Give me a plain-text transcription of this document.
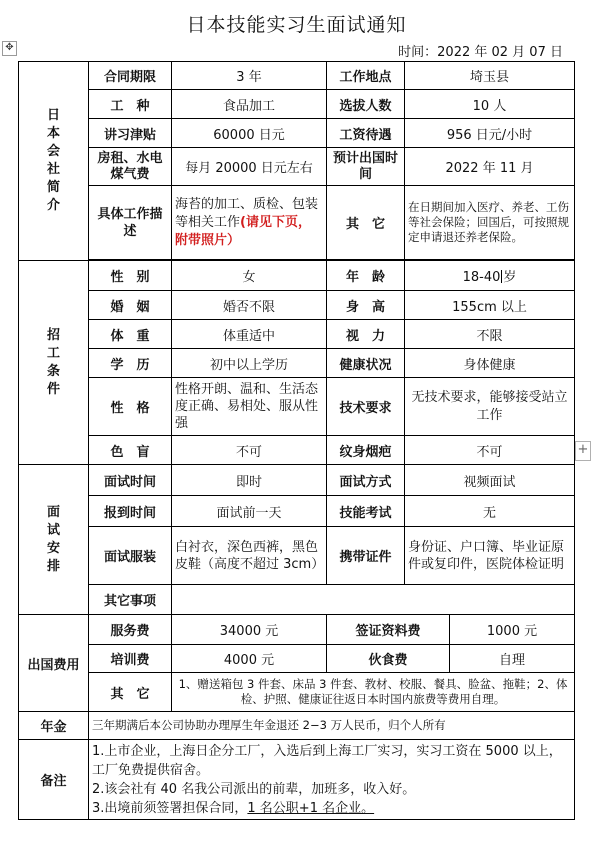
日本技能实习生面试通知
✥	时间：2022 年 02 月 07 日
日本会社简介	合同期限	3 年	工作地点	埼玉县	
	工　种	食品加工	选拔人数	10 人	
	讲习津贴	60000 日元	工资待遇	956 日元/小时	
	房租、水电煤气费	每月 20000 日元左右	预计出国时间	2022 年 11 月	
	具体工作描述	海苔的加工、质检、包装等相关工作(请见下页，附带照片）	其　它	在日期间加入医疗、养老、工伤等社会保险；回国后，可按照规定申请退还养老保险。	

招工条件	性　别	女	年　龄	18-40 岁	
	婚　姻	婚否不限	身　高	155cm 以上	
	体　重	体重适中	视　力	不限	
	学　历	初中以上学历	健康状况	身体健康	
	性　格	性格开朗、温和、生活态度正确、易相处、服从性强	技术要求	无技术要求，能够接受站立工作	
	色　盲	不可	纹身烟疤	不可	

面试安排	面试时间	即时	面试方式	视频面试	
	报到时间	面试前一天	技能考试	无	
	面试服装	白衬衣，深色西裤，黑色皮鞋（高度不超过 3cm）	携带证件	身份证、户口簿、毕业证原件或复印件，医院体检证明	
	其它事项				
出国费用	服务费	34000 元	签证资料费		1000 元
	培训费	4000 元	伙食费		自理
	其　它	1、赠送箱包 3 件套、床品 3 件套、教材、校服、餐具、脸盆、拖鞋；2、体检、护照、健康证往返日本时国内旅费等费用自理。			
年金	三年期满后本公司协助办理厚生年金退还 2−3 万人民币，归个人所有				
备注	1.上市企业，上海日企分工厂，入选后到上海工厂实习，实习工资在 5000 以上，工厂免费提供宿舍。
2.该会社有 40 名我公司派出的前辈，加班多，收入好。
3.出境前须签署担保合同，1 名公职+1 名企业。				
+
